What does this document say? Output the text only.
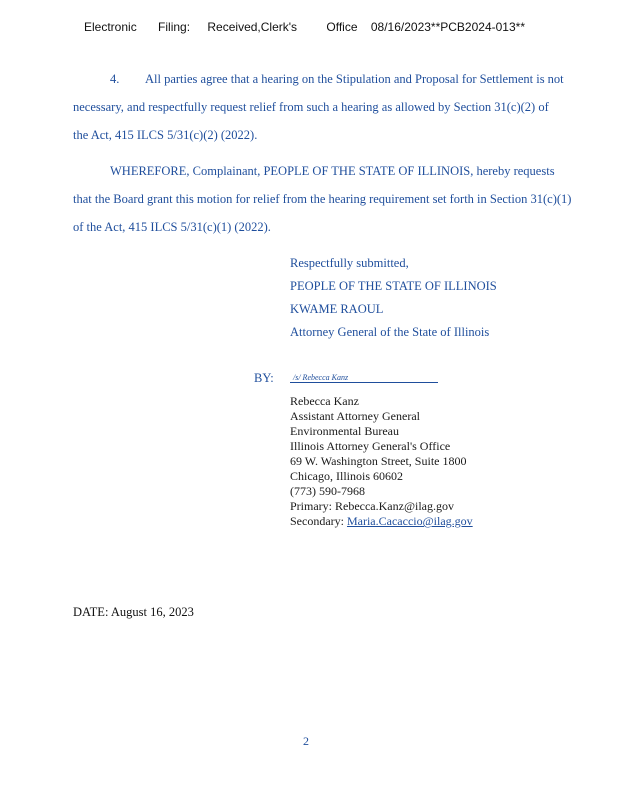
Electronic Filing: Received,Clerk's Office 08/16/2023**PCB2024-013**
4. All parties agree that a hearing on the Stipulation and Proposal for Settlement is not
necessary, and respectfully request relief from such a hearing as allowed by Section 31(c)(2) of
the Act, 415 ILCS 5/31(c)(2) (2022).
WHEREFORE, Complainant, PEOPLE OF THE STATE OF ILLINOIS, hereby requests
that the Board grant this motion for relief from the hearing requirement set forth in Section 31(c)(1)
of the Act, 415 ILCS 5/31(c)(1) (2022).
Respectfully submitted,
PEOPLE OF THE STATE OF ILLINOIS
KWAME RAOUL
Attorney General of the State of Illinois
BY: /s/ Rebecca Kanz
Rebecca Kanz
Assistant Attorney General
Environmental Bureau
Illinois Attorney General's Office
69 W. Washington Street, Suite 1800
Chicago, Illinois 60602
(773) 590-7968
Primary: Rebecca.Kanz@ilag.gov
Secondary: Maria.Cacaccio@ilag.gov
DATE: August 16, 2023
2
